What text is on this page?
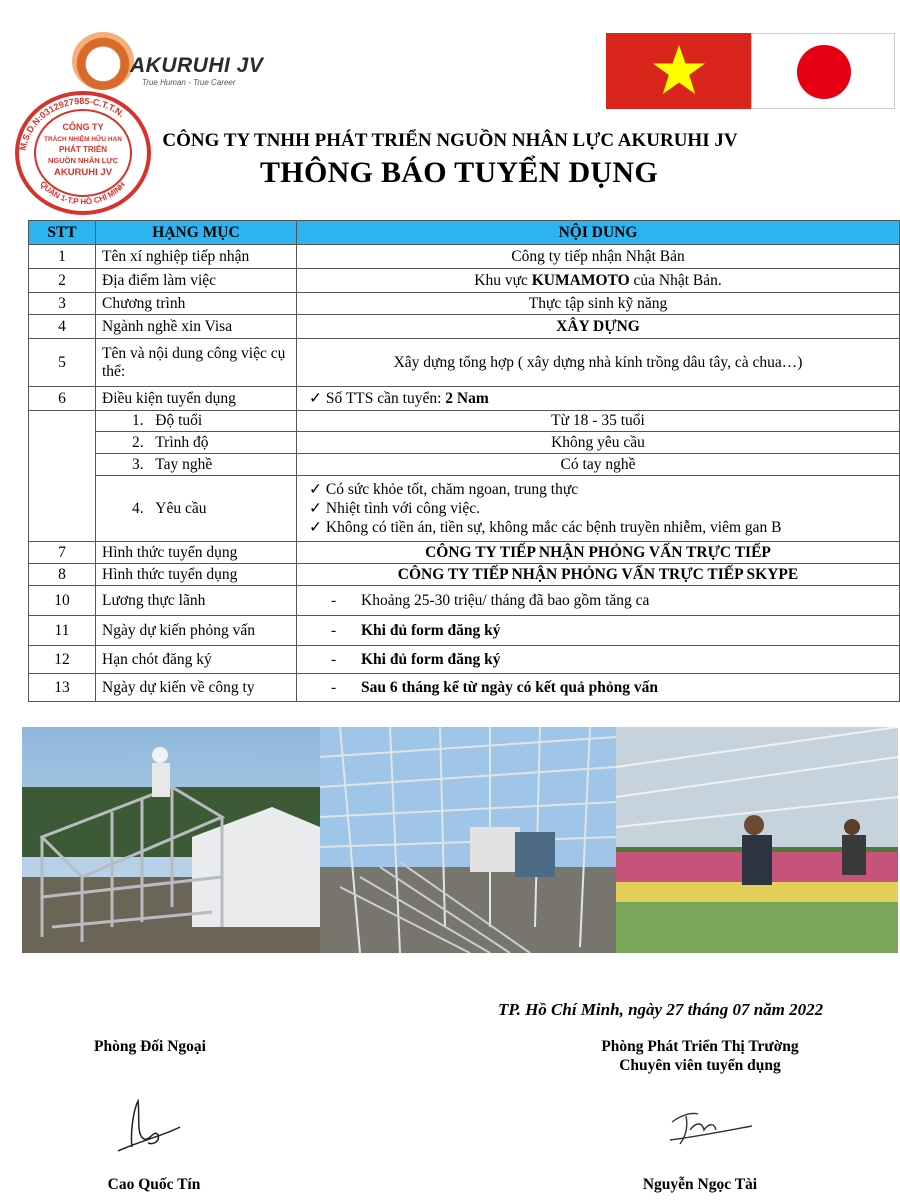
AKURUHI JV
True Human - True Career
M.S.D.N:0312927985-C.T.T.N.
QUẬN 1-T.P HỒ CHÍ MINH
CÔNG TY
TRÁCH NHIỆM HỮU HẠN
PHÁT TRIỂN
NGUỒN NHÂN LỰC
AKURUHI JV
CÔNG TY TNHH PHÁT TRIỂN NGUỒN NHÂN LỰC AKURUHI JV
THÔNG BÁO TUYỂN DỤNG
STT	HẠNG MỤC	NỘI DUNG
1	Tên xí nghiệp tiếp nhận	Công ty tiếp nhận Nhật Bản
2	Địa điểm làm việc	Khu vực KUMAMOTO của Nhật Bản.
3	Chương trình	Thực tập sinh kỹ năng
4	Ngành nghề xin Visa	XÂY DỰNG
5	Tên và nội dung công việc cụ thể:	Xây dựng tổng hợp ( xây dựng nhà kính trồng dâu tây, cà chua…)
6	Điều kiện tuyển dụng	✓ Số TTS cần tuyển: 2 Nam
	1. Độ tuổi	Từ 18 - 35 tuổi
	2. Trình độ	Không yêu cầu
	3. Tay nghề	Có tay nghề
	4. Yêu cầu	✓ Có sức khỏe tốt, chăm ngoan, trung thực
✓ Nhiệt tình với công việc.
✓ Không có tiền án, tiền sự, không mắc các bệnh truyền nhiễm, viêm gan B

7	Hình thức tuyển dụng	CÔNG TY TIẾP NHẬN PHỎNG VẤN TRỰC TIẾP
8	Hình thức tuyển dụng	CÔNG TY TIẾP NHẬN PHỎNG VẤN TRỰC TIẾP SKYPE
10	Lương thực lãnh	- Khoảng 25-30 triệu/ tháng đã bao gồm tăng ca
11	Ngày dự kiến phỏng vấn	- Khi đủ form đăng ký
12	Hạn chót đăng ký	- Khi đủ form đăng ký
13	Ngày dự kiến về công ty	- Sau 6 tháng kể từ ngày có kết quả phỏng vấn
TP. Hồ Chí Minh, ngày 27 tháng 07 năm 2022
Phòng Đối Ngoại	Phòng Phát Triển Thị Trường
Chuyên viên tuyển dụng
Cao Quốc Tín	Nguyễn Ngọc Tài
